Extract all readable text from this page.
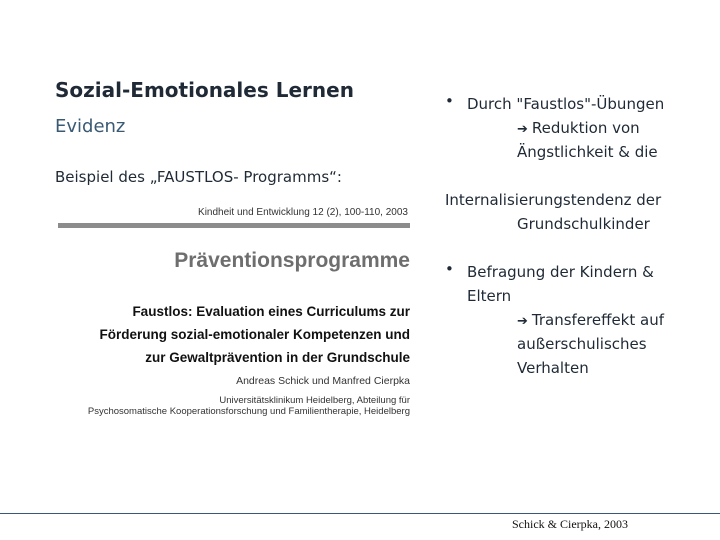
Sozial-Emotionales Lernen
Evidenz
Beispiel des „FAUSTLOS- Programms“:
Kindheit und Entwicklung 12 (2), 100-110, 2003
Präventionsprogramme
Faustlos: Evaluation eines Curriculums zur
Förderung sozial-emotionaler Kompetenzen und
zur Gewaltprävention in der Grundschule
Andreas Schick und Manfred Cierpka
Universitätsklinikum Heidelberg, Abteilung für
Psychosomatische Kooperationsforschung und Familientherapie, Heidelberg
• Durch "Faustlos"-Übungen
➔ Reduktion von
Ängstlichkeit & die
Internalisierungstendenz der
Grundschulkinder
• Befragung der Kindern &
Eltern
➔ Transfereffekt auf
außerschulisches
Verhalten
Schick & Cierpka, 2003
